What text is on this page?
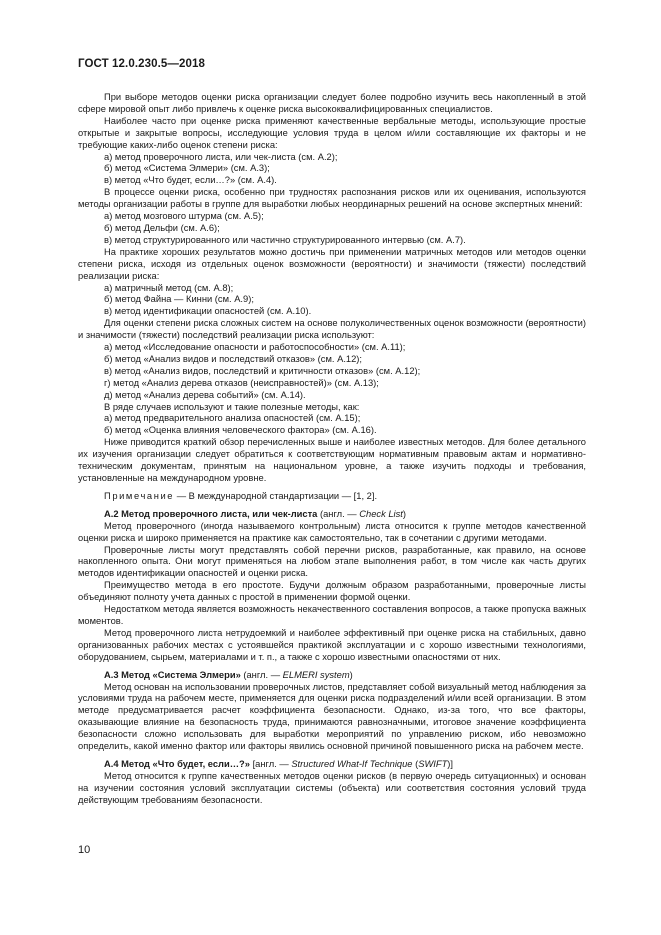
ГОСТ 12.0.230.5—2018

При выборе методов оценки риска организации следует более подробно изучить весь накопленный в этой сфере мировой опыт либо привлечь к оценке риска высококвалифицированных специалистов.

Наиболее часто при оценке риска применяют качественные вербальные методы, использующие простые открытые и закрытые вопросы, исследующие условия труда в целом и/или составляющие их факторы и не требующие каких-либо оценок степени риска:

а) метод проверочного листа, или чек-листа (см. А.2);

б) метод «Система Элмери» (см. А.3);

в) метод «Что будет, если…?» (см. А.4).

В процессе оценки риска, особенно при трудностях распознания рисков или их оценивания, используются методы организации работы в группе для выработки любых неординарных решений на основе экспертных мнений:

а) метод мозгового штурма (см. А.5);

б) метод Дельфи (см. А.6);

в) метод структурированного или частично структурированного интервью (см. А.7).

На практике хороших результатов можно достичь при применении матричных методов или методов оценки степени риска, исходя из отдельных оценок возможности (вероятности) и значимости (тяжести) последствий реализации риска:

а) матричный метод (см. А.8);

б) метод Файна — Кинни (см. А.9);

в) метод идентификации опасностей (см. А.10).

Для оценки степени риска сложных систем на основе полуколичественных оценок возможности (вероятности) и значимости (тяжести) последствий реализации риска используют:

а) метод «Исследование опасности и работоспособности» (см. А.11);

б) метод «Анализ видов и последствий отказов» (см. А.12);

в) метод «Анализ видов, последствий и критичности отказов» (см. А.12);

г) метод «Анализ дерева отказов (неисправностей)» (см. А.13);

д) метод «Анализ дерева событий» (см. А.14).

В ряде случаев используют и такие полезные методы, как:

а) метод предварительного анализа опасностей (см. А.15);

б) метод «Оценка влияния человеческого фактора» (см. А.16).

Ниже приводится краткий обзор перечисленных выше и наиболее известных методов. Для более детального их изучения организации следует обратиться к соответствующим нормативным правовым актам и нормативно-техническим документам, принятым на национальном уровне, а также изучить подходы и требования, установленные на международном уровне.

Примечание — В международной стандартизации — [1, 2].

А.2 Метод проверочного листа, или чек-листа (англ. — Check List)

Метод проверочного (иногда называемого контрольным) листа относится к группе методов качественной оценки риска и широко применяется на практике как самостоятельно, так в сочетании с другими методами.

Проверочные листы могут представлять собой перечни рисков, разработанные, как правило, на основе накопленного опыта. Они могут применяться на любом этапе выполнения работ, в том числе как часть других методов идентификации опасностей и оценки риска.

Преимущество метода в его простоте. Будучи должным образом разработанными, проверочные листы объединяют полноту учета данных с простой в применении формой оценки.

Недостатком метода является возможность некачественного составления вопросов, а также пропуска важных моментов.

Метод проверочного листа нетрудоемкий и наиболее эффективный при оценке риска на стабильных, давно организованных рабочих местах с устоявшейся практикой эксплуатации и с хорошо известными технологиями, оборудованием, сырьем, материалами и т. п., а также с хорошо известными опасностями от них.

А.3 Метод «Система Элмери» (англ. — ELMERI system)

Метод основан на использовании проверочных листов, представляет собой визуальный метод наблюдения за условиями труда на рабочем месте, применяется для оценки риска подразделений и/или всей организации. В этом методе предусматривается расчет коэффициента безопасности. Однако, из-за того, что все факторы, оказывающие влияние на безопасность труда, принимаются равнозначными, итоговое значение коэффициента безопасности сложно использовать для выработки мероприятий по управлению риском, ибо невозможно определить, какой именно фактор или факторы явились основной причиной повышенного риска на рабочем месте.

А.4 Метод «Что будет, если…?» [англ. — Structured What-If Technique (SWIFT)]

Метод относится к группе качественных методов оценки рисков (в первую очередь ситуационных) и основан на изучении состояния условий эксплуатации системы (объекта) или соответствия состояния условий труда действующим требованиям безопасности.

10
